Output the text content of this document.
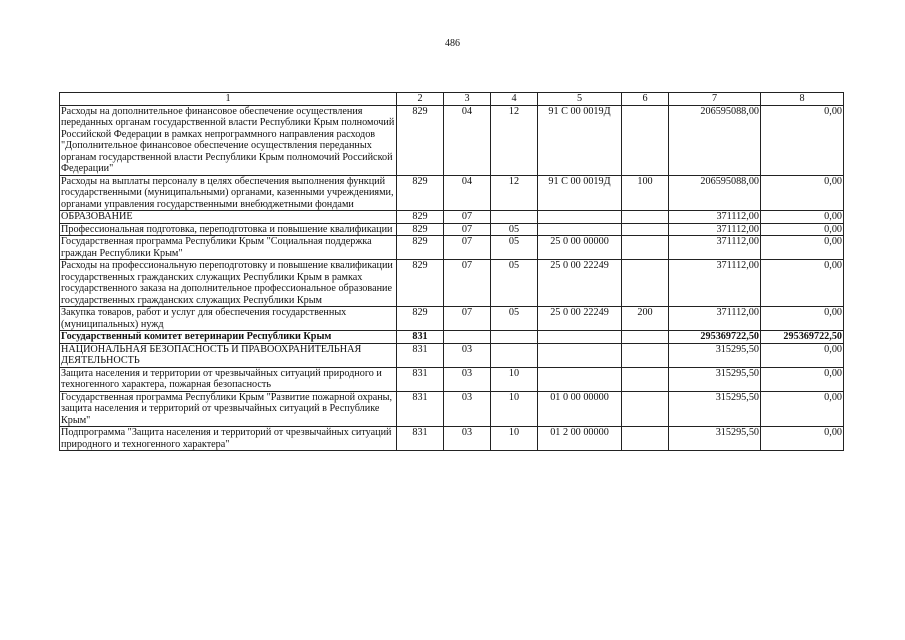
486
1	2	3	4	5	6	7	8
Расходы на дополнительное финансовое обеспечение осуществления переданных органам государственной власти Республики Крым полномочий Российской Федерации в рамках непрограммного направления расходов "Дополнительное финансовое обеспечение осуществления переданных органам государственной власти Республики Крым полномочий Российской Федерации"	829	04	12	91 С 00 0019Д		206595088,00	0,00
Расходы на выплаты персоналу в целях обеспечения выполнения функций государственными (муниципальными) органами, казенными учреждениями, органами управления государственными внебюджетными фондами	829	04	12	91 С 00 0019Д	100	206595088,00	0,00
ОБРАЗОВАНИЕ	829	07				371112,00	0,00
Профессиональная подготовка, переподготовка и повышение квалификации	829	07	05			371112,00	0,00
Государственная программа Республики Крым "Социальная поддержка граждан Республики Крым"	829	07	05	25 0 00 00000		371112,00	0,00
Расходы на профессиональную переподготовку и повышение квалификации государственных гражданских служащих Республики Крым в рамках государственного заказа на дополнительное профессиональное образование государственных гражданских служащих Республики Крым	829	07	05	25 0 00 22249		371112,00	0,00
Закупка товаров, работ и услуг для обеспечения государственных (муниципальных) нужд	829	07	05	25 0 00 22249	200	371112,00	0,00
Государственный комитет ветеринарии Республики Крым	831					295369722,50	295369722,50
НАЦИОНАЛЬНАЯ БЕЗОПАСНОСТЬ И ПРАВООХРАНИТЕЛЬНАЯ ДЕЯТЕЛЬНОСТЬ	831	03				315295,50	0,00
Защита населения и территории от чрезвычайных ситуаций природного и техногенного характера, пожарная безопасность	831	03	10			315295,50	0,00
Государственная программа Республики Крым "Развитие пожарной охраны, защита населения и территорий от чрезвычайных ситуаций в Республике Крым"	831	03	10	01 0 00 00000		315295,50	0,00
Подпрограмма "Защита населения и территорий от чрезвычайных ситуаций природного и техногенного характера"	831	03	10	01 2 00 00000		315295,50	0,00
